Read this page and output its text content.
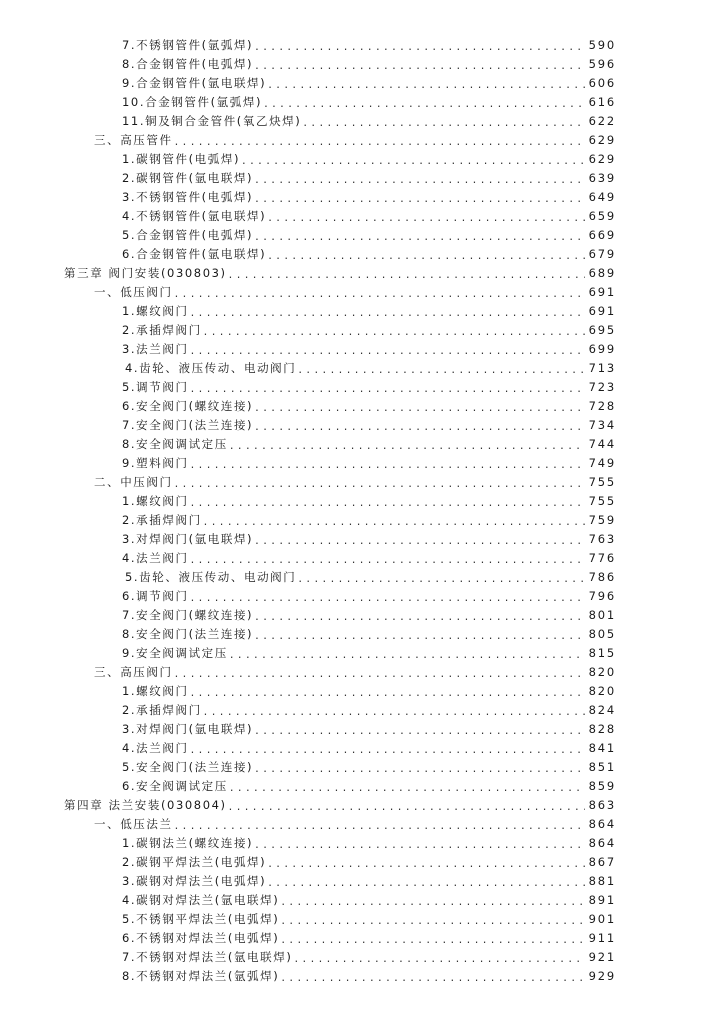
7.不锈钢管件(氩弧焊) .....	590
8.合金钢管件(电弧焊) .....	596
9.合金钢管件(氩电联焊) .....	606
10.合金钢管件(氩弧焊) .....	616
11.铜及铜合金管件(氧乙炔焊) .....	622
三、高压管件 .....	629
1.碳钢管件(电弧焊) .....	629
2.碳钢管件(氩电联焊) .....	639
3.不锈钢管件(电弧焊) .....	649
4.不锈钢管件(氩电联焊) .....	659
5.合金钢管件(电弧焊) .....	669
6.合金钢管件(氩电联焊) .....	679
第三章 阀门安装(030803) .....	689
一、低压阀门 .....	691
1.螺纹阀门 .....	691
2.承插焊阀门 .....	695
3.法兰阀门 .....	699
4.齿轮、液压传动、电动阀门 .....	713
5.调节阀门 .....	723
6.安全阀门(螺纹连接) .....	728
7.安全阀门(法兰连接) .....	734
8.安全阀调试定压 .....	744
9.塑料阀门 .....	749
二、中压阀门 .....	755
1.螺纹阀门 .....	755
2.承插焊阀门 .....	759
3.对焊阀门(氩电联焊) .....	763
4.法兰阀门 .....	776
5.齿轮、液压传动、电动阀门 .....	786
6.调节阀门 .....	796
7.安全阀门(螺纹连接) .....	801
8.安全阀门(法兰连接) .....	805
9.安全阀调试定压 .....	815
三、高压阀门 .....	820
1.螺纹阀门 .....	820
2.承插焊阀门 .....	824
3.对焊阀门(氩电联焊) .....	828
4.法兰阀门 .....	841
5.安全阀门(法兰连接) .....	851
6.安全阀调试定压 .....	859
第四章 法兰安装(030804) .....	863
一、低压法兰 .....	864
1.碳钢法兰(螺纹连接) .....	864
2.碳钢平焊法兰(电弧焊) .....	867
3.碳钢对焊法兰(电弧焊) .....	881
4.碳钢对焊法兰(氩电联焊) .....	891
5.不锈钢平焊法兰(电弧焊) .....	901
6.不锈钢对焊法兰(电弧焊) .....	911
7.不锈钢对焊法兰(氩电联焊) .....	921
8.不锈钢对焊法兰(氩弧焊) .....	929
